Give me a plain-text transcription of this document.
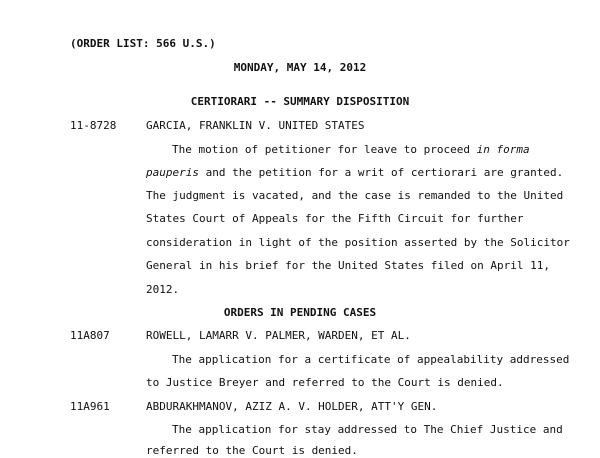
(ORDER LIST: 566 U.S.)
MONDAY, MAY 14, 2012
CERTIORARI -- SUMMARY DISPOSITION
11-8728	GARCIA, FRANKLIN V. UNITED STATES
The motion of petitioner for leave to proceed in forma
pauperis and the petition for a writ of certiorari are granted.
The judgment is vacated, and the case is remanded to the United
States Court of Appeals for the Fifth Circuit for further
consideration in light of the position asserted by the Solicitor
General in his brief for the United States filed on April 11,
2012.
ORDERS IN PENDING CASES
11A807	ROWELL, LAMARR V. PALMER, WARDEN, ET AL.
The application for a certificate of appealability addressed
to Justice Breyer and referred to the Court is denied.
11A961	ABDURAKHMANOV, AZIZ A. V. HOLDER, ATT'Y GEN.
The application for stay addressed to The Chief Justice and
referred to the Court is denied.
